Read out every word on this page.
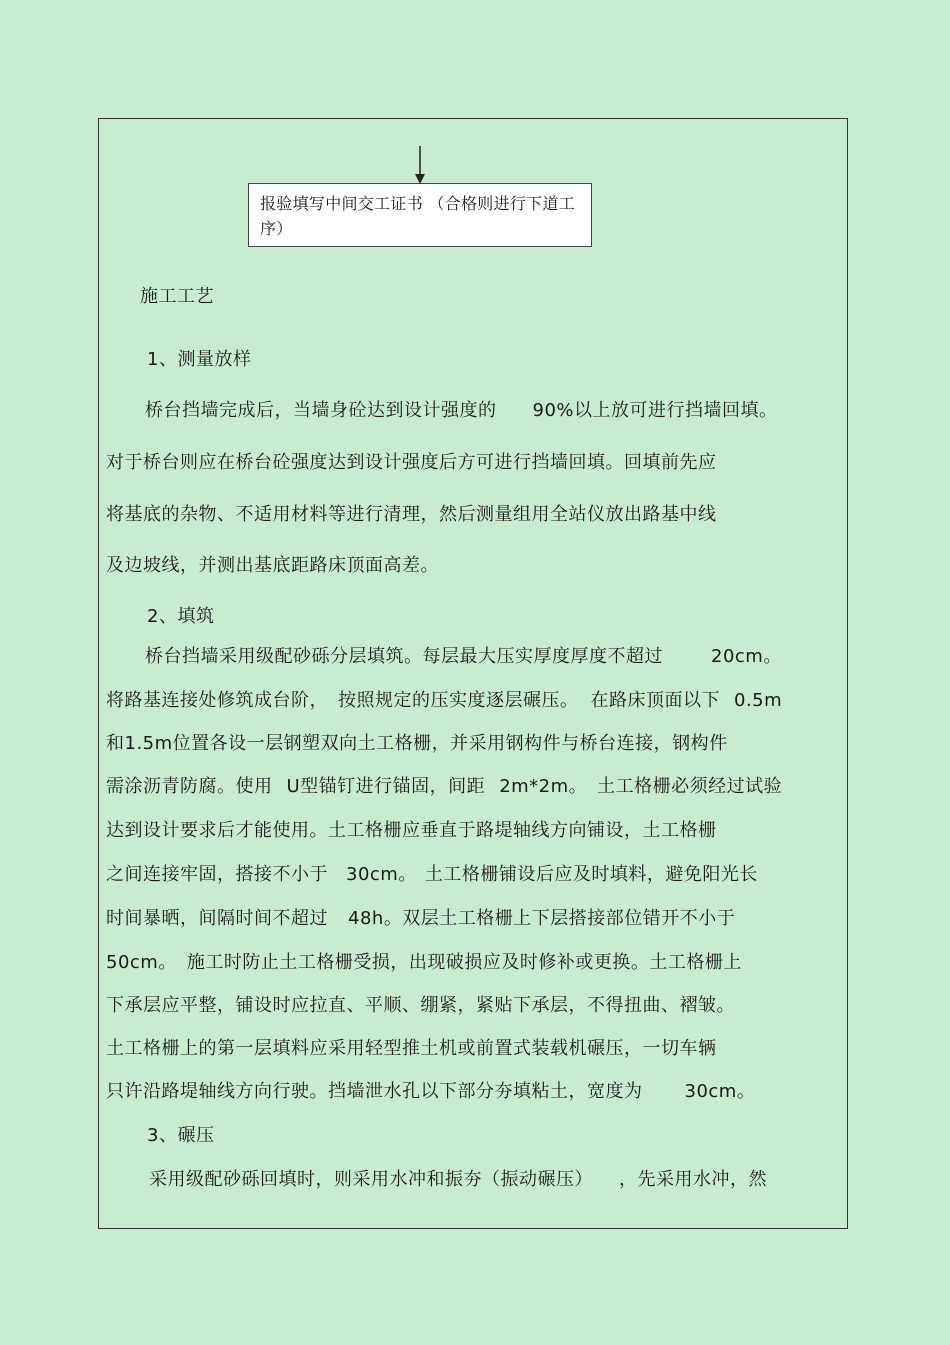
报验填写中间交工证书 （合格则进行下道工序）
施工工艺
1、测量放样
桥台挡墙完成后，当墙身砼达到设计强度的 90%以上放可进行挡墙回填。
对于桥台则应在桥台砼强度达到设计强度后方可进行挡墙回填。回填前先应
将基底的杂物、不适用材料等进行清理，然后测量组用全站仪放出路基中线
及边坡线，并测出基底距路床顶面高差。
2、填筑
桥台挡墙采用级配砂砾分层填筑。每层最大压实厚度厚度不超过	20cm。
将路基连接处修筑成台阶， 按照规定的压实度逐层碾压。 在路床顶面以下 0.5m
和1.5m位置各设一层钢塑双向土工格栅，并采用钢构件与桥台连接，钢构件
需涂沥青防腐。使用 U型锚钉进行锚固，间距 2m*2m。 土工格栅必须经过试验
达到设计要求后才能使用。土工格栅应垂直于路堤轴线方向铺设，土工格栅
之间连接牢固，搭接不小于 30cm。 土工格栅铺设后应及时填料，避免阳光长
时间暴晒，间隔时间不超过 48h。双层土工格栅上下层搭接部位错开不小于
50cm。 施工时防止土工格栅受损，出现破损应及时修补或更换。土工格栅上
下承层应平整，铺设时应拉直、平顺、绷紧，紧贴下承层，不得扭曲、褶皱。
土工格栅上的第一层填料应采用轻型推土机或前置式装载机碾压，一切车辆
只许沿路堤轴线方向行驶。挡墙泄水孔以下部分夯填粘土，宽度为 30cm。
3、碾压
采用级配砂砾回填时，则采用水冲和振夯（振动碾压） ，先采用水冲，然
